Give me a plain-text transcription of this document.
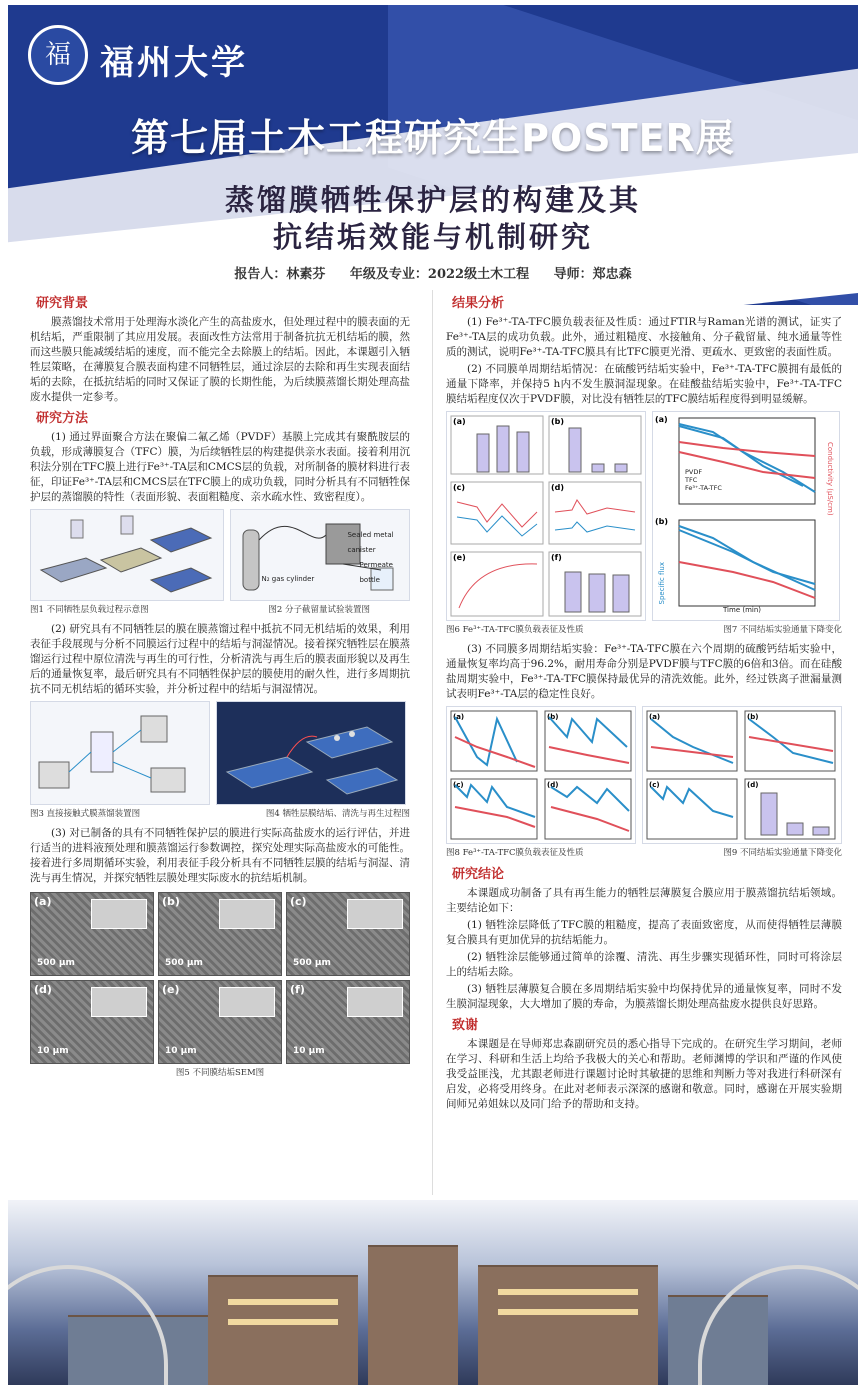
福 福州大学
第七届土木工程研究生POSTER展
蒸馏膜牺牲保护层的构建及其
抗结垢效能与机制研究
报告人：林素芬 年级及专业：2022级土木工程 导师：郑忠森
研究背景

膜蒸馏技术常用于处理海水淡化产生的高盐废水，但处理过程中的膜表面的无机结垢，严重限制了其应用发展。表面改性方法常用于制备抗抗无机结垢的膜，然而这些膜只能减缓结垢的速度，而不能完全去除膜上的结垢。因此，本课题引入牺牲层策略，在薄膜复合膜表面构建不同牺牲层，通过涂层的去除和再生实现表面结垢的去除，在抵抗结垢的同时又保证了膜的长期性能，为后续膜蒸馏长期处理高盐废水提供一定参考。

研究方法

(1) 通过界面聚合方法在聚偏二氟乙烯（PVDF）基膜上完成其有聚酰胺层的负载，形成薄膜复合（TFC）膜，为后续牺牲层的构建提供亲水表面。接着利用沉积法分别在TFC膜上进行Fe³⁺-TA层和CMCS层的负载，对所制备的膜材料进行表征，印证Fe³⁺-TA层和CMCS层在TFC膜上的成功负载，同时分析具有不同牺牲保护层的蒸馏膜的特性（表面形貌、表面粗糙度、亲水疏水性、致密程度）。

N₂ gas cylinder
Sealed metal canister
Permeate bottle
图1 不同牺牲层负载过程示意图	图2 分子截留量试验装置图

(2) 研究具有不同牺牲层的膜在膜蒸馏过程中抵抗不同无机结垢的效果，利用表征手段展现与分析不同膜运行过程中的结垢与洞湿情况。接着探究牺牲层在膜蒸馏运行过程中原位清洗与再生的可行性，分析清洗与再生后的膜表面形貌以及再生后的通量恢复率，最后研究具有不同牺牲保护层的膜使用的耐久性，进行多周期抗抗不同无机结垢的循环实验，并分析过程中的结垢与洞湿情况。

图3 直接接触式膜蒸馏装置图	图4 牺牲层膜结垢、清洗与再生过程图

(3) 对已制备的具有不同牺牲保护层的膜进行实际高盐废水的运行评估，并进行适当的进料液预处理和膜蒸馏运行参数调控，探究处理实际高盐废水的可能性。接着进行多周期循环实验，利用表征手段分析具有不同牺牲层膜的结垢与洞湿、清洗与再生情况，并探究牺牲层膜处理实际废水的抗结垢机制。

(a)
500 μm
(b)
500 μm
(c)
500 μm
(d)
10 μm
(e)
10 μm
(f)
10 μm
图5 不同膜结垢SEM图
结果分析

(1) Fe³⁺-TA-TFC膜负载表征及性质：通过FTIR与Raman光谱的测试，证实了Fe³⁺-TA层的成功负载。此外，通过粗糙度、水接触角、分子截留量、纯水通量等性质的测试，说明Fe³⁺-TA-TFC膜具有比TFC膜更光滑、更疏水、更致密的表面性质。

(2) 不同膜单周期结垢情况：在硫酸钙结垢实验中，Fe³⁺-TA-TFC膜拥有最低的通量下降率，并保持5 h内不发生膜洞湿现象。在硅酸盐结垢实验中，Fe³⁺-TA-TFC膜结垢程度仅次于PVDF膜，对比没有牺牲层的TFC膜结垢程度得到明显缓解。

(a)	(b)
(c)	(d)
(e)	(f)
(a)
(b)
Conductivity (μS/cm)
Specific flux
Time (min)
PVDF
TFC
Fe³⁺-TA-TFC
图6 Fe³⁺-TA-TFC膜负载表征及性质	图7 不同结垢实验通量下降变化

(3) 不同膜多周期结垢实验：Fe³⁺-TA-TFC膜在六个周期的硫酸钙结垢实验中，通量恢复率均高于96.2%，耐用寿命分别是PVDF膜与TFC膜的6倍和3倍。而在硅酸盐周期实验中，Fe³⁺-TA-TFC膜保持最优异的清洗效能。此外，经过铁离子泄漏量测试表明Fe³⁺-TA层的稳定性良好。

(a)	(b)
(c)	(d)
(a)	(b)
(c)	(d)
图8 Fe³⁺-TA-TFC膜负载表征及性质	图9 不同结垢实验通量下降变化
研究结论

本课题成功制备了具有再生能力的牺牲层薄膜复合膜应用于膜蒸馏抗结垢领域。主要结论如下：

(1) 牺牲涂层降低了TFC膜的粗糙度，提高了表面致密度，从而使得牺牲层薄膜复合膜具有更加优异的抗结垢能力。

(2) 牺牲涂层能够通过简单的涂覆、清洗、再生步骤实现循环性，同时可将涂层上的结垢去除。

(3) 牺牲层薄膜复合膜在多周期结垢实验中均保持优异的通量恢复率，同时不发生膜洞湿现象，大大增加了膜的寿命，为膜蒸馏长期处理高盐废水提供良好思路。

致谢

本课题是在导师郑忠森副研究员的悉心指导下完成的。在研究生学习期间，老师在学习、科研和生活上均给予我极大的关心和帮助。老师渊博的学识和严谨的作风使我受益匪浅，尤其跟老师进行课题讨论时其敏捷的思维和判断力等对我进行科研深有启发，必将受用终身。在此对老师表示深深的感谢和敬意。同时，感谢在开展实验期间师兄弟姐妹以及同门给予的帮助和支持。
